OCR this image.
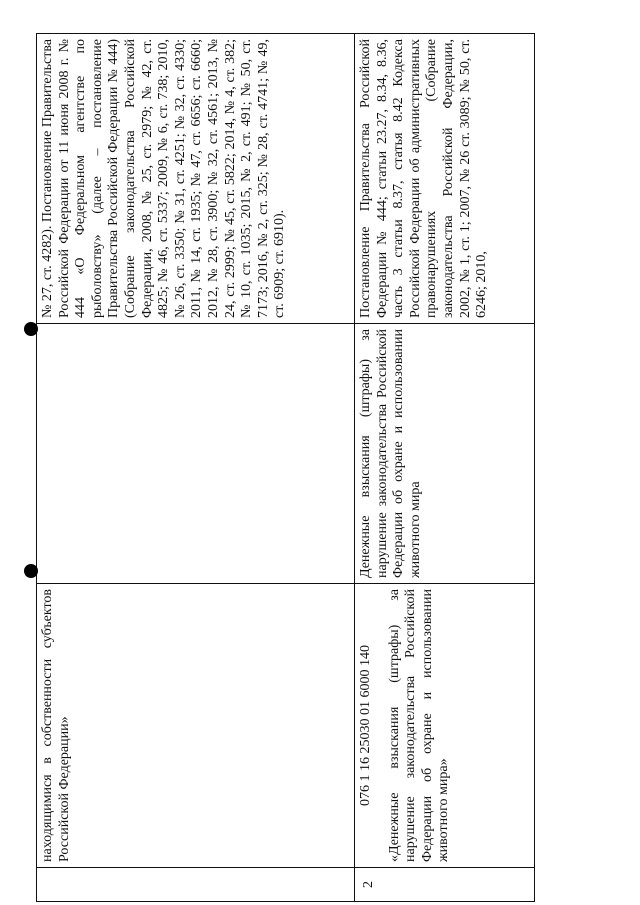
	находящимися в собственности субъектов Российской Федерации»		№ 27, ст. 4282). Постановление Правительства Российской Федерации от 11 июня 2008 г. № 444 «О Федеральном агентстве по рыболовству» (далее – постановление Правительства Российской Федерации № 444) (Собрание законодательства Российской Федерации, 2008, № 25, ст. 2979; № 42, ст. 4825; № 46, ст. 5337; 2009, № 6, ст. 738; 2010, № 26, ст. 3350; № 31, ст. 4251; № 32, ст. 4330; 2011, № 14, ст. 1935; № 47, ст. 6656; ст. 6660; 2012, № 28, ст. 3900; № 32, ст. 4561; 2013, № 24, ст. 2999; № 45, ст. 5822; 2014, № 4, ст. 382; № 10, ст. 1035; 2015, № 2, ст. 491; № 50, ст. 7173; 2016, № 2, ст. 325; № 28, ст. 4741; № 49, ст. 6909; ст. 6910).

2	076 1 16 25030 01 6000 140 «Денежные взыскания (штрафы) за нарушение законодательства Российской Федерации об охране и использовании животного мира»	Денежные взыскания (штрафы) за нарушение законодательства Российской Федерации об охране и использовании животного мира	Постановление Правительства Российской Федерации № 444; статьи 23.27, 8.34, 8.36, часть 3 статьи 8.37, статья 8.42 Кодекса Российской Федерации об административных правонарушениях (Собрание законодательства Российской Федерации, 2002, № 1, ст. 1; 2007, № 26 ст. 3089; № 50, ст. 6246; 2010,
